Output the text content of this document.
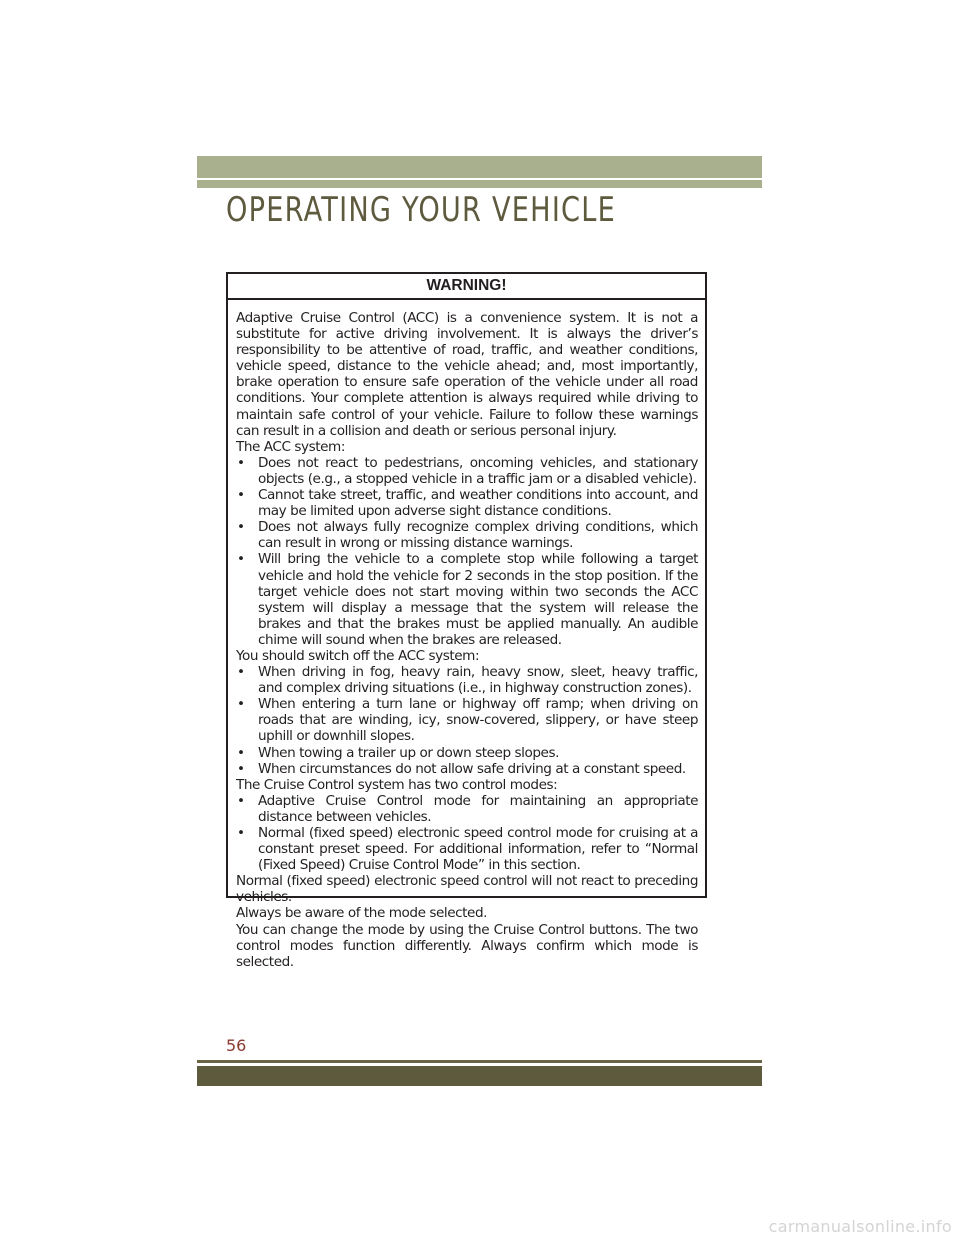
OPERATING YOUR VEHICLE
WARNING!

Adaptive Cruise Control (ACC) is a convenience system. It is not a substitute for active driving involvement. It is always the driver’s responsibility to be attentive of road, traffic, and weather conditions, vehicle speed, distance to the vehicle ahead; and, most importantly, brake operation to ensure safe operation of the vehicle under all road conditions. Your complete attention is always required while driving to maintain safe control of your vehicle. Failure to follow these warnings can result in a collision and death or serious personal injury.

The ACC system:

• Does not react to pedestrians, oncoming vehicles, and stationary objects (e.g., a stopped vehicle in a traffic jam or a disabled vehicle).
• Cannot take street, traffic, and weather conditions into account, and may be limited upon adverse sight distance conditions.
• Does not always fully recognize complex driving conditions, which can result in wrong or missing distance warnings.
• Will bring the vehicle to a complete stop while following a target vehicle and hold the vehicle for 2 seconds in the stop position. If the target vehicle does not start moving within two seconds the ACC system will display a message that the system will release the brakes and that the brakes must be applied manually. An audible chime will sound when the brakes are released.

You should switch off the ACC system:

• When driving in fog, heavy rain, heavy snow, sleet, heavy traffic, and complex driving situations (i.e., in highway construction zones).
• When entering a turn lane or highway off ramp; when driving on roads that are winding, icy, snow-covered, slippery, or have steep uphill or downhill slopes.
• When towing a trailer up or down steep slopes.
• When circumstances do not allow safe driving at a constant speed.

The Cruise Control system has two control modes:

• Adaptive Cruise Control mode for maintaining an appropriate distance between vehicles.
• Normal (fixed speed) electronic speed control mode for cruising at a constant preset speed. For additional information, refer to “Normal (Fixed Speed) Cruise Control Mode” in this section.

Normal (fixed speed) electronic speed control will not react to preceding vehicles.

Always be aware of the mode selected.

You can change the mode by using the Cruise Control buttons. The two control modes function differently. Always confirm which mode is selected.

56
carmanualsonline.info
